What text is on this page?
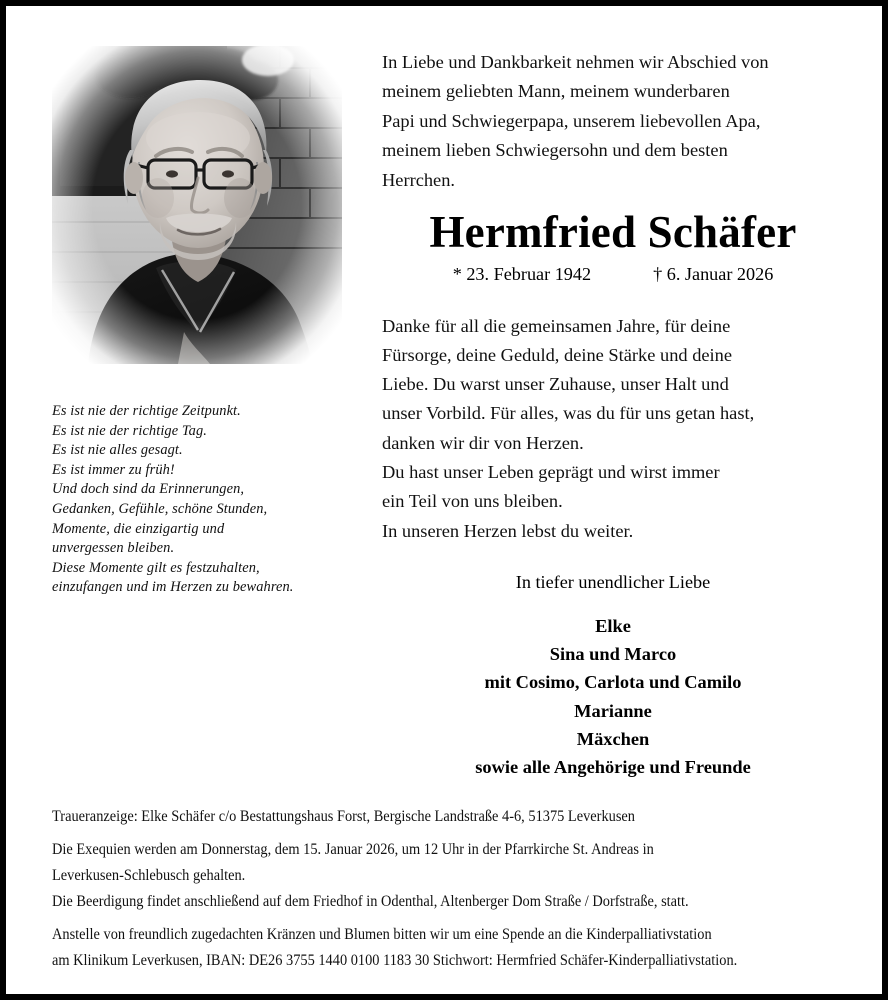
Es ist nie der richtige Zeitpunkt.
Es ist nie der richtige Tag.
Es ist nie alles gesagt.
Es ist immer zu früh!
Und doch sind da Erinnerungen,
Gedanken, Gefühle, schöne Stunden,
Momente, die einzigartig und
unvergessen bleiben.
Diese Momente gilt es festzuhalten,
einzufangen und im Herzen zu bewahren.
In Liebe und Dankbarkeit nehmen wir Abschied von
meinem geliebten Mann, meinem wunderbaren
Papi und Schwiegerpapa, unserem liebevollen Apa,
meinem lieben Schwiegersohn und dem besten
Herrchen.
Hermfried Schäfer
* 23. Februar 1942	† 6. Januar 2026
Danke für all die gemeinsamen Jahre, für deine
Fürsorge, deine Geduld, deine Stärke und deine
Liebe. Du warst unser Zuhause, unser Halt und
unser Vorbild. Für alles, was du für uns getan hast,
danken wir dir von Herzen.
Du hast unser Leben geprägt und wirst immer
ein Teil von uns bleiben.
In unseren Herzen lebst du weiter.
In tiefer unendlicher Liebe
Elke
Sina und Marco
mit Cosimo, Carlota und Camilo
Marianne
Mäxchen
sowie alle Angehörige und Freunde
Traueranzeige: Elke Schäfer c/o Bestattungshaus Forst, Bergische Landstraße 4-6, 51375 Leverkusen
Die Exequien werden am Donnerstag, dem 15. Januar 2026, um 12 Uhr in der Pfarrkirche St. Andreas in
Leverkusen-Schlebusch gehalten.
Die Beerdigung findet anschließend auf dem Friedhof in Odenthal, Altenberger Dom Straße / Dorfstraße, statt.
Anstelle von freundlich zugedachten Kränzen und Blumen bitten wir um eine Spende an die Kinderpalliativstation
am Klinikum Leverkusen, IBAN: DE26 3755 1440 0100 1183 30 Stichwort: Hermfried Schäfer-Kinderpalliativstation.
